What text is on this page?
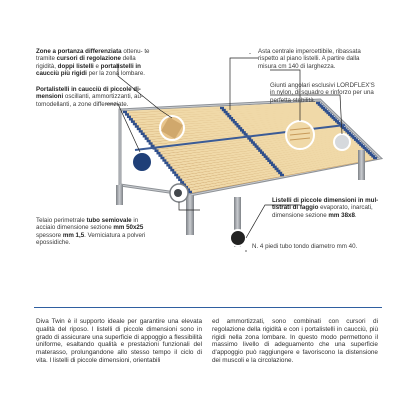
Zone a portanza differenziata ottenu- te tramite cursori di regolazione della rigidità, doppi listelli e portalistelli in caucciù più rigidi per la zona lombare.
Portalistelli in caucciù di piccole di- mensioni oscillanti, ammortizzanti, au- tomodellanti, a zone differenziate.
Asta centrale impercettibile, ribassata
rispetto al piano listelli. A partire dalla
misura cm 140 di larghezza.
Giunti angolari esclusivi LORDFLEX'S
in nylon, di squadro e rinforzo per una
perfetta stabilità.
Telaio perimetrale tubo semiovale in acciaio dimensione sezione mm 50x25 spessore mm 1,5. Verniciatura a polveri epossidiche.
Listelli di piccole dimensioni in mul- tistrati di faggio evaporato, inarcati, dimensione sezione mm 38x8.
N. 4 piedi tubo tondo diametro mm 40.
Diva Twin è il supporto ideale per garantire una elevata qualità del riposo. I listelli di piccole dimensioni sono in grado di assicurare una superficie di appoggio a flessibilità uniforme, esaltando qualità e prestazioni funzionali del materasso, prolungandone allo stesso tempo il ciclo di vita. I listelli di piccole dimensioni, orientabili
ed ammortizzati, sono combinati con cursori di regolazione della rigidità e con i portalistelli in caucciù, più rigidi nella zona lombare. In questo modo permettono il massimo livello di adeguamento che una superficie d'appoggio può raggiungere e favoriscono la distensione dei muscoli e la circolazione.
